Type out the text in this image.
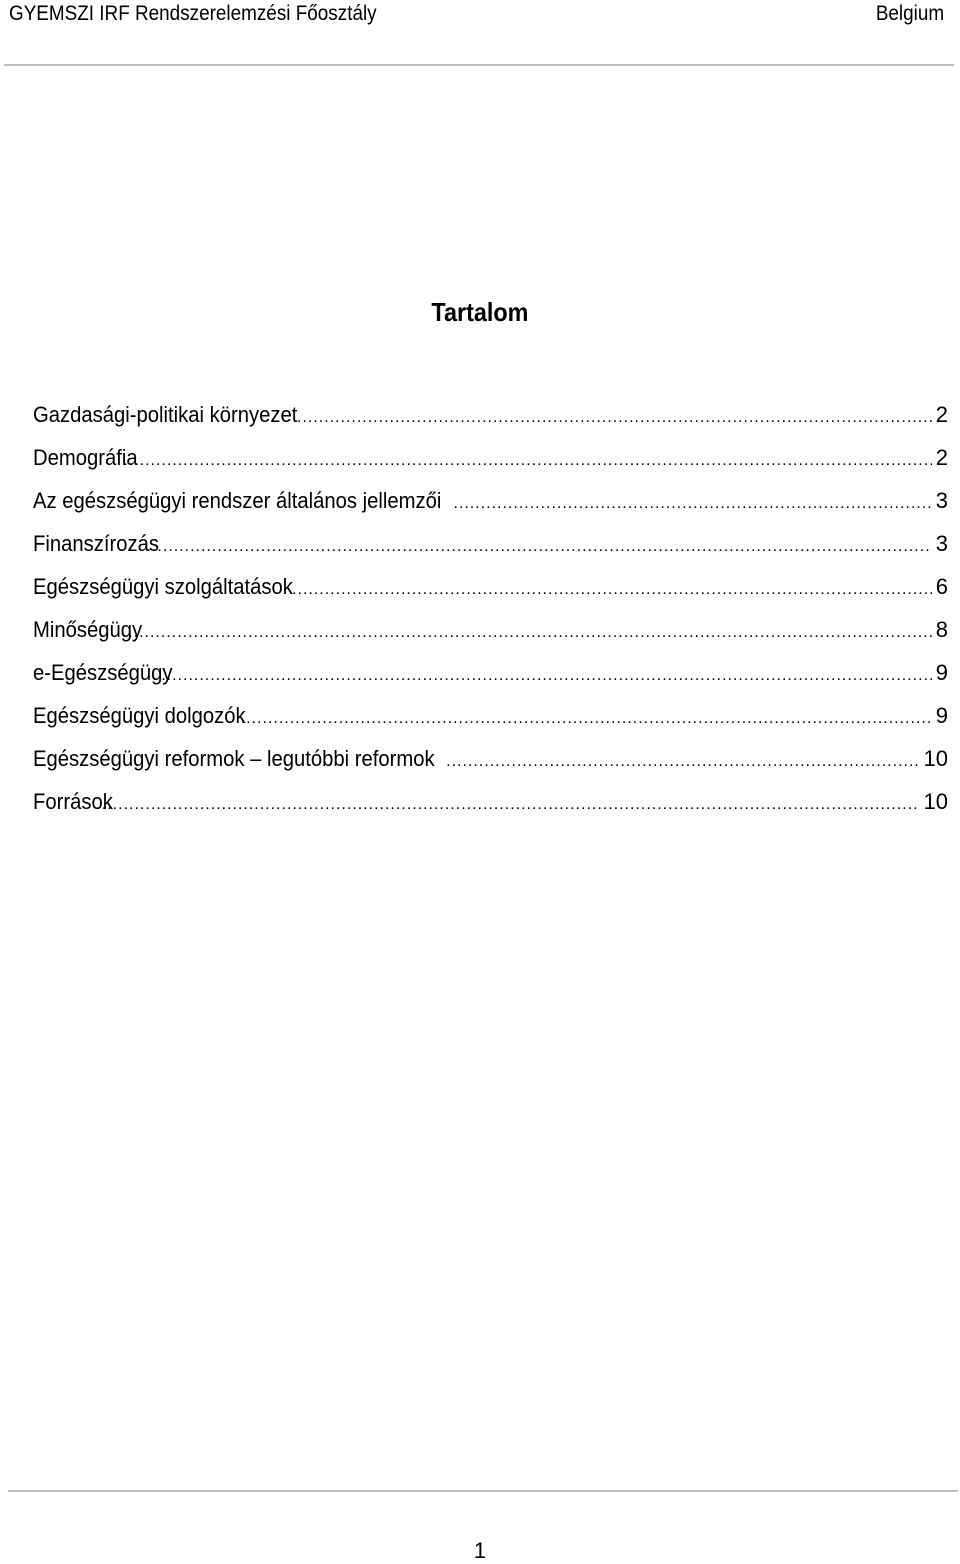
GYEMSZI IRF Rendszerelemzési Főosztály	Belgium
Tartalom
Gazdasági-politikai környezet .....	2
Demográfia .....	2
Az egészségügyi rendszer általános jellemzői .....	3
Finanszírozás .....	3
Egészségügyi szolgáltatások .....	6
Minőségügy .....	8
e-Egészségügy .....	9
Egészségügyi dolgozók .....	9
Egészségügyi reformok – legutóbbi reformok .....	10
Források .....	10
1
